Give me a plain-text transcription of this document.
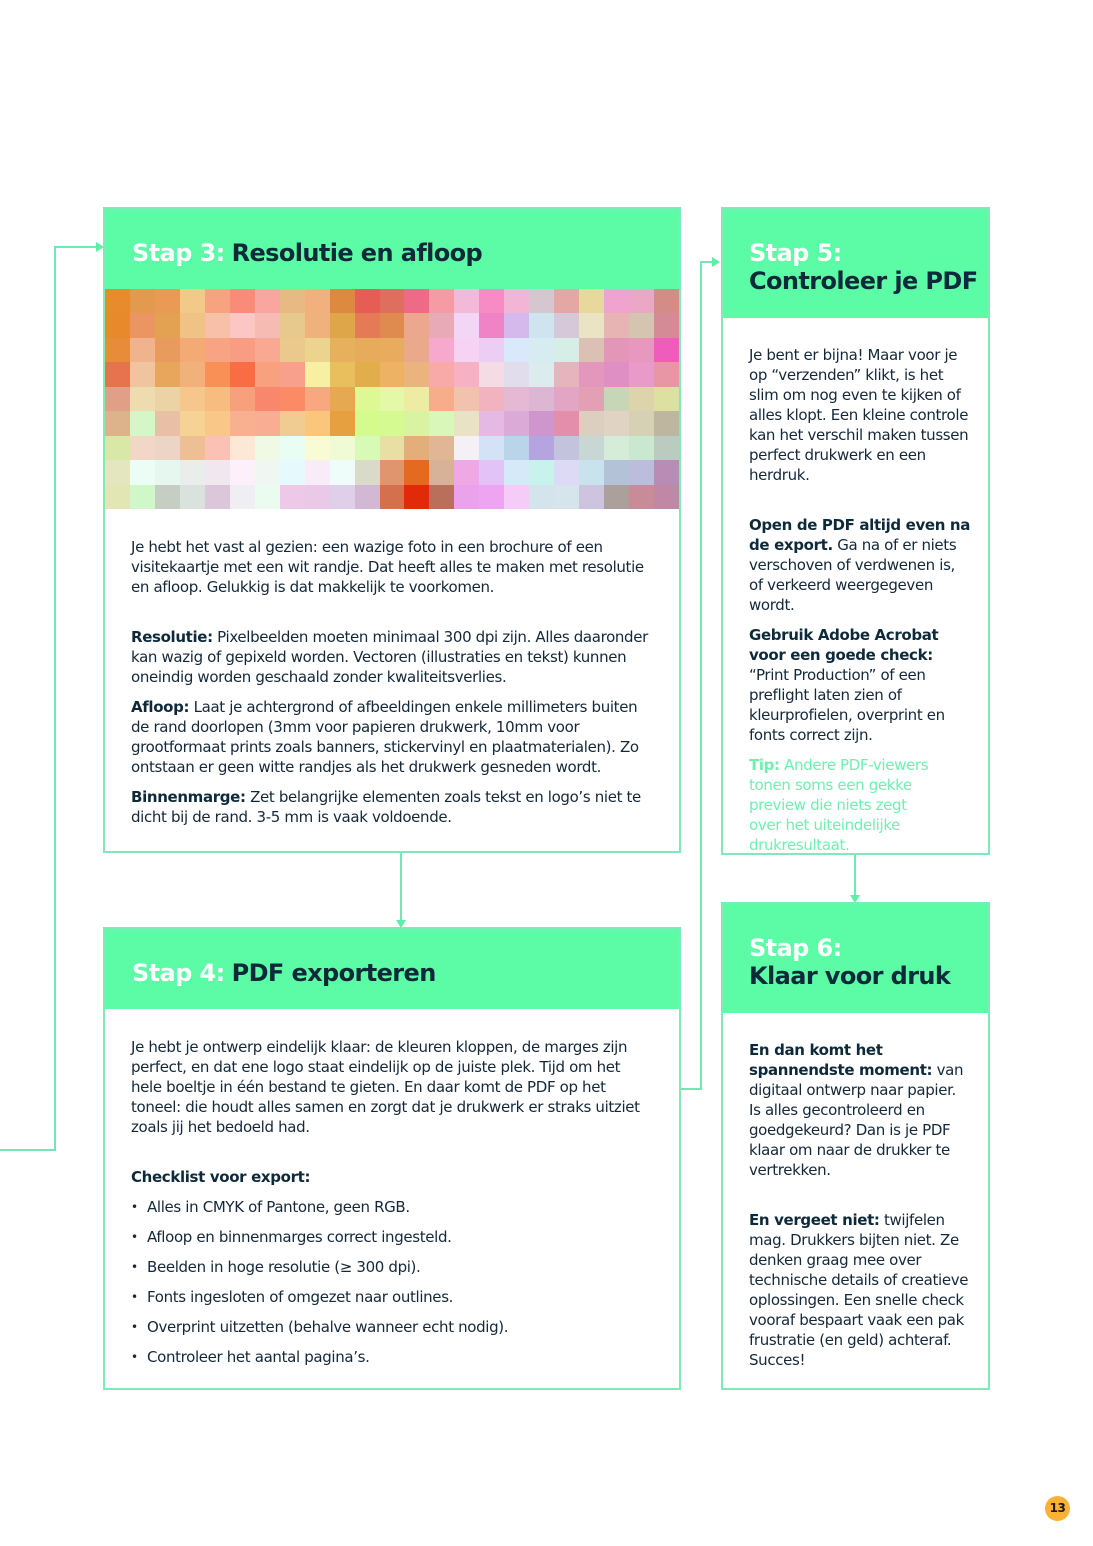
Stap 3: Resolutie en afloop

Je hebt het vast al gezien: een wazige foto in een brochure of een visitekaartje met een wit randje. Dat heeft alles te maken met resolutie en afloop. Gelukkig is dat makkelijk te voorkomen.

Resolutie: Pixelbeelden moeten minimaal 300 dpi zijn. Alles daaronder kan wazig of gepixeld worden. Vectoren (illustraties en tekst) kunnen oneindig worden geschaald zonder kwaliteitsverlies.

Afloop: Laat je achtergrond of afbeeldingen enkele millimeters buiten de rand doorlopen (3mm voor papieren drukwerk, 10mm voor grootformaat prints zoals banners, stickervinyl en plaatmaterialen). Zo ontstaan er geen witte randjes als het drukwerk gesneden wordt.

Binnenmarge: Zet belangrijke elementen zoals tekst en logo’s niet te dicht bij de rand. 3-5 mm is vaak voldoende.

Stap 4: PDF exporteren

Je hebt je ontwerp eindelijk klaar: de kleuren kloppen, de marges zijn perfect, en dat ene logo staat eindelijk op de juiste plek. Tijd om het hele boeltje in één bestand te gieten. En daar komt de PDF op het toneel: die houdt alles samen en zorgt dat je drukwerk er straks uitziet zoals jij het bedoeld had.

Checklist voor export:

• Alles in CMYK of Pantone, geen RGB.
• Afloop en binnenmarges correct ingesteld.
• Beelden in hoge resolutie (≥ 300 dpi).
• Fonts ingesloten of omgezet naar outlines.
• Overprint uitzetten (behalve wanneer echt nodig).
• Controleer het aantal pagina’s.
Stap 5:
Controleer je PDF

Je bent er bijna! Maar voor je op “verzenden” klikt, is het slim om nog even te kijken of alles klopt. Een kleine controle kan het verschil maken tussen perfect drukwerk en een herdruk.

Open de PDF altijd even na de export. Ga na of er niets verschoven of verdwenen is, of verkeerd weergegeven wordt.

Gebruik Adobe Acrobat voor een goede check: “Print Production” of een preflight laten zien of kleurprofielen, overprint en fonts correct zijn.

Tip: Andere PDF-viewers tonen soms een gekke preview die niets zegt over het uiteindelijke drukresultaat.

Stap 6:
Klaar voor druk

En dan komt het spannendste moment: van digitaal ontwerp naar papier. Is alles gecontroleerd en goedgekeurd? Dan is je PDF klaar om naar de drukker te vertrekken.

En vergeet niet: twijfelen mag. Drukkers bijten niet. Ze denken graag mee over technische details of creatieve oplossingen. Een snelle check vooraf bespaart vaak een pak frustratie (en geld) achteraf. Succes!

13
